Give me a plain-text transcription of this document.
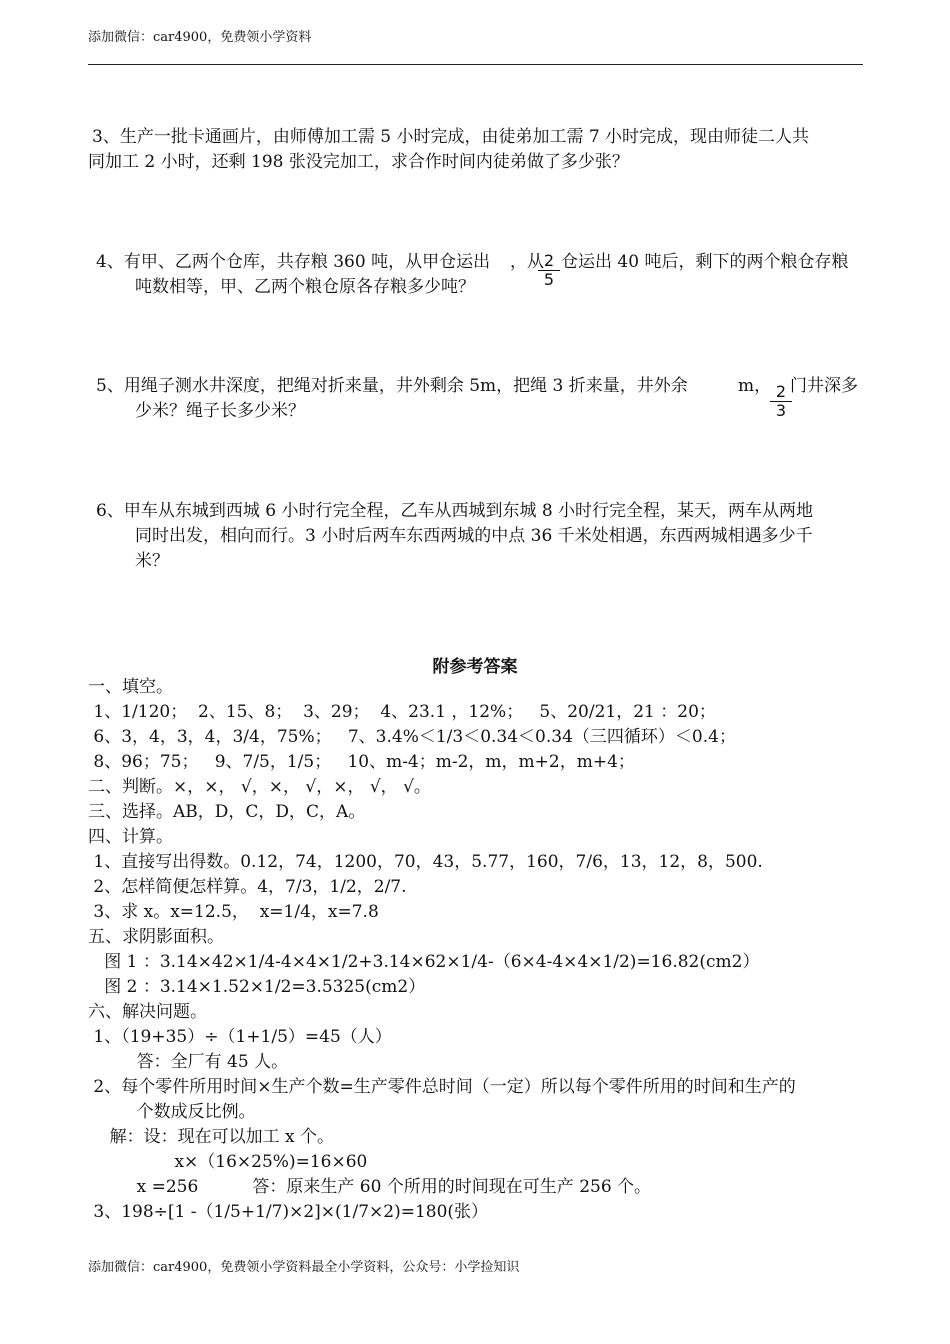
添加微信：car4900，免费领小学资料
3、生产一批卡通画片，由师傅加工需 5 小时完成，由徒弟加工需 7 小时完成，现由师徒二人共
同加工 2 小时，还剩 198 张没完加工，求合作时间内徒弟做了多少张？
4、有甲、乙两个仓库，共存粮 360 吨，从甲仓运出 ，从 仓运出 40 吨后，剩下的两个粮仓存粮
$\frac{2}{5}$
吨数相等，甲、乙两个粮仓原各存粮多少吨？
5、用绳子测水井深度，把绳对折来量，井外剩余 5m，把绳 3 折来量，井外余	m， 门井深多
$\frac{2}{3}$
少米？绳子长多少米？
6、甲车从东城到西城 6 小时行完全程，乙车从西城到东城 8 小时行完全程，某天，两车从两地
同时出发，相向而行。3 小时后两车东西两城的中点 36 千米处相遇，东西两城相遇多少千
米？
附参考答案
一、填空。
1、1/120；  2、15、8；  3、29；  4、23.1 ，12%；   5、20/21，21 ：20；
6、3，4，3，4，3/4，75%；   7、3.4%＜1/3＜0.34＜0.34（三四循环）＜0.4；
8、96；75；   9、7/5，1/5；   10、m-4；m-2，m，m+2，m+4；
二、判断。×，×， √，×， √，×， √， √。
三、选择。AB，D，C，D，C，A。
四、计算。
1、直接写出得数。0.12，74，1200，70，43，5.77，160，7/6，13，12，8，500.
2、怎样简便怎样算。4，7/3，1/2，2/7.
3、求 x。x=12.5，  x=1/4，x=7.8
五、求阴影面积。
图 1 ：3.14×42×1/4-4×4×1/2+3.14×62×1/4-（6×4-4×4×1/2)=16.82(cm2）
图 2 ：3.14×1.52×1/2=3.5325(cm2）
六、解决问题。
1、（19+35）÷（1+1/5）=45（人）
答：全厂有 45 人。
2、每个零件所用时间×生产个数=生产零件总时间（一定）所以每个零件所用的时间和生产的
个数成反比例。
解：设：现在可以加工 x 个。
x×（16×25%)=16×60
x =256          答：原来生产 60 个所用的时间现在可生产 256 个。
3、198÷[1 -（1/5+1/7)×2]×(1/7×2)=180(张）
添加微信：car4900，免费领小学资料最全小学资料，公众号：小学捡知识
